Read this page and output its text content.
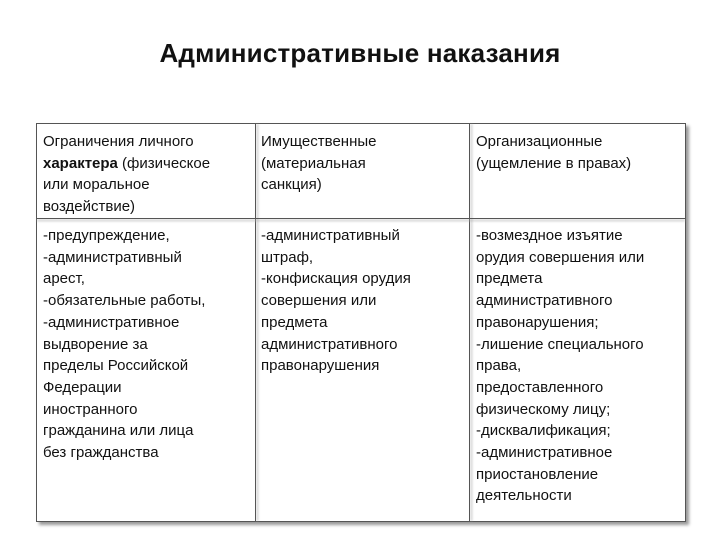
Административные наказания
Ограничения личного
характера (физическое
или моральное
воздействие)
Имущественные
(материальная
санкция)
Организационные
(ущемление в правах)
-предупреждение,
-административный
арест,
-обязательные работы,
-административное
выдворение за
пределы Российской
Федерации
иностранного
гражданина или лица
без гражданства
-административный
штраф,
-конфискация орудия
совершения или
предмета
административного
правонарушения
-возмездное изъятие
орудия совершения или
предмета
административного
правонарушения;
-лишение специального
права,
предоставленного
физическому лицу;
-дисквалификация;
-административное
приостановление
деятельности
